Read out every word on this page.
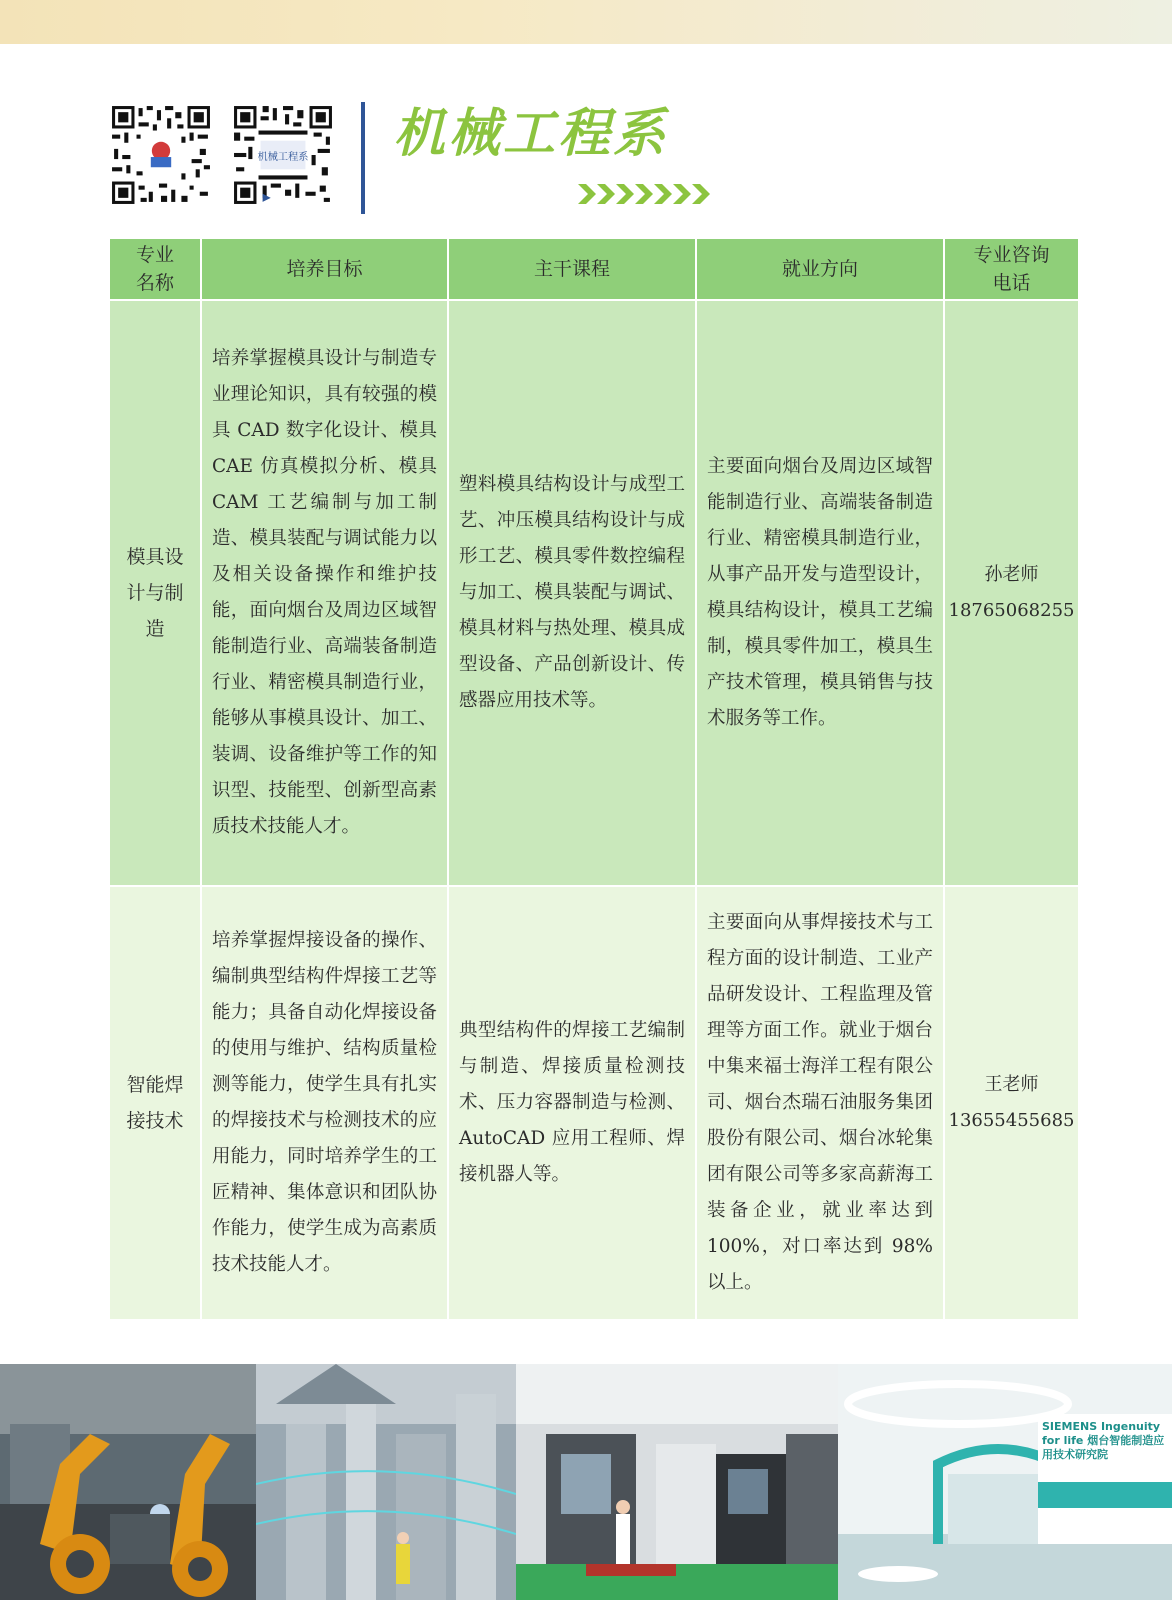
机械工程系 机械工程系
专业名称	培养目标	主干课程	就业方向	专业咨询电话

模具设计与制造	培养掌握模具设计与制造专业理论知识，具有较强的模具 CAD 数字化设计、模具 CAE 仿真模拟分析、模具 CAM 工艺编制与加工制造、模具装配与调试能力以及相关设备操作和维护技能，面向烟台及周边区域智能制造行业、高端装备制造行业、精密模具制造行业，能够从事模具设计、加工、装调、设备维护等工作的知识型、技能型、创新型高素质技术技能人才。	塑料模具结构设计与成型工艺、冲压模具结构设计与成形工艺、模具零件数控编程与加工、模具装配与调试、模具材料与热处理、模具成型设备、产品创新设计、传感器应用技术等。	主要面向烟台及周边区域智能制造行业、高端装备制造行业、精密模具制造行业，从事产品开发与造型设计，模具结构设计，模具工艺编制，模具零件加工，模具生产技术管理，模具销售与技术服务等工作。	孙老师
18765068255

智能焊接技术	培养掌握焊接设备的操作、编制典型结构件焊接工艺等能力；具备自动化焊接设备的使用与维护、结构质量检测等能力，使学生具有扎实的焊接技术与检测技术的应用能力，同时培养学生的工匠精神、集体意识和团队协作能力，使学生成为高素质技术技能人才。	典型结构件的焊接工艺编制与制造、焊接质量检测技术、压力容器制造与检测、AutoCAD 应用工程师、焊接机器人等。	主要面向从事焊接技术与工程方面的设计制造、工业产品研发设计、工程监理及管理等方面工作。就业于烟台中集来福士海洋工程有限公司、烟台杰瑞石油服务集团股份有限公司、烟台冰轮集团有限公司等多家高薪海工装备企业，就业率达到 100%，对口率达到 98%以上。	王老师
13655455685
SIEMENS Ingenuity for life 烟台智能制造应用技术研究院
